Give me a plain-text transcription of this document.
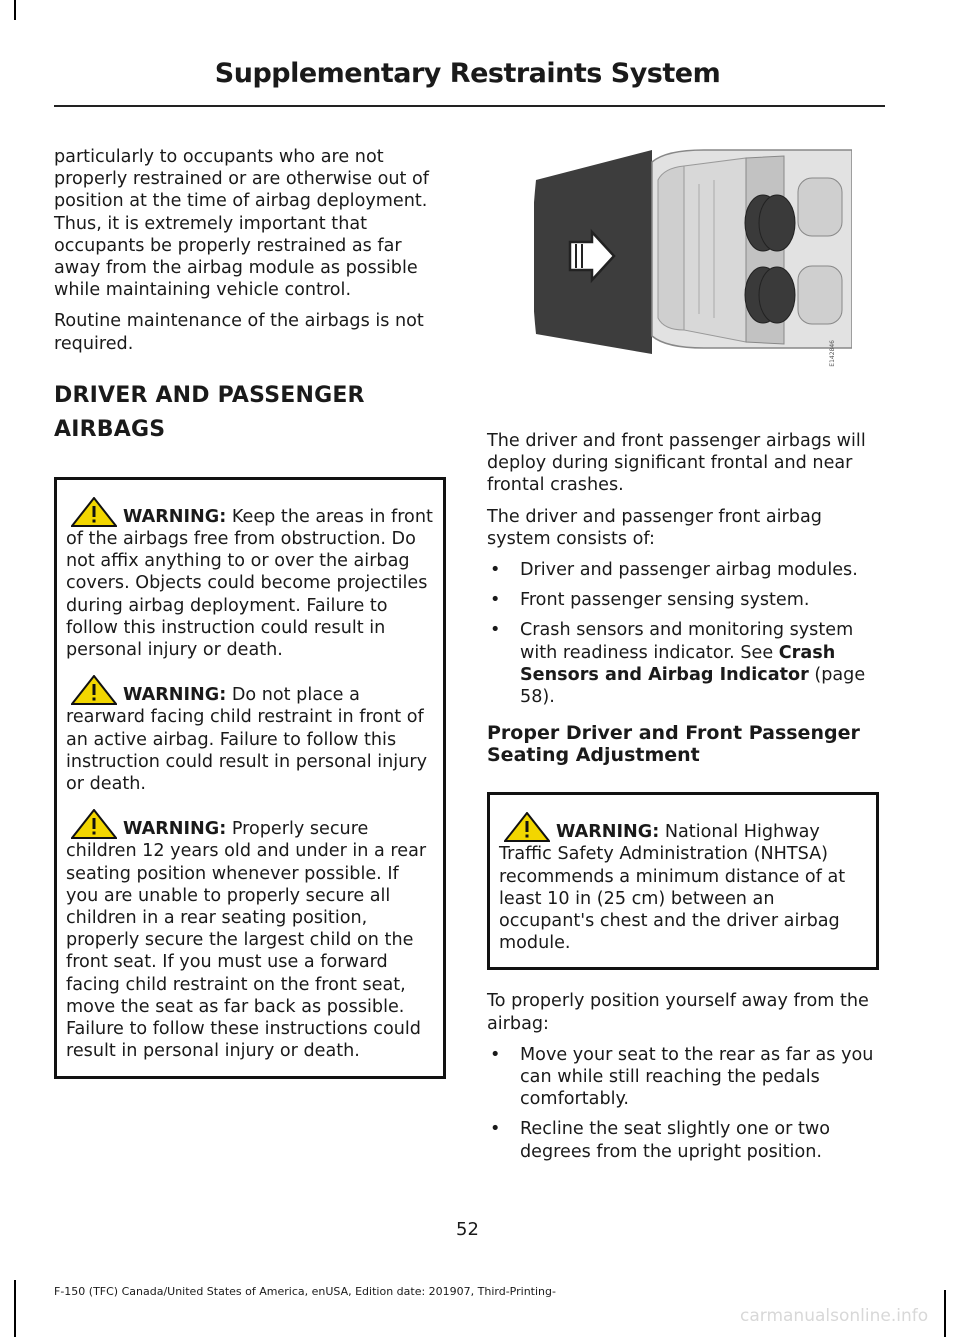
Supplementary Restraints System

particularly to occupants who are not properly restrained or are otherwise out of position at the time of airbag deployment. Thus, it is extremely important that occupants be properly restrained as far away from the airbag module as possible while maintaining vehicle control.

Routine maintenance of the airbags is not required.

DRIVER AND PASSENGER AIRBAGS
WARNING: Keep the areas in front of the airbags free from obstruction. Do not affix anything to or over the airbag covers. Objects could become projectiles during airbag deployment. Failure to follow this instruction could result in personal injury or death.
WARNING: Do not place a rearward facing child restraint in front of an active airbag. Failure to follow this instruction could result in personal injury or death.
WARNING: Properly secure children 12 years old and under in a rear seating position whenever possible. If you are unable to properly secure all children in a rear seating position, properly secure the largest child on the front seat. If you must use a forward facing child restraint on the front seat, move the seat as far back as possible. Failure to follow these instructions could result in personal injury or death.
E142846

The driver and front passenger airbags will deploy during significant frontal and near frontal crashes.

The driver and passenger front airbag system consists of:

• Driver and passenger airbag modules.
• Front passenger sensing system.
• Crash sensors and monitoring system with readiness indicator. See Crash Sensors and Airbag Indicator (page 58).
Proper Driver and Front Passenger Seating Adjustment
WARNING: National Highway Traffic Safety Administration (NHTSA) recommends a minimum distance of at least 10 in (25 cm) between an occupant's chest and the driver airbag module.

To properly position yourself away from the airbag:

• Move your seat to the rear as far as you can while still reaching the pedals comfortably.
• Recline the seat slightly one or two degrees from the upright position.
52
F-150 (TFC) Canada/United States of America, enUSA, Edition date: 201907, Third-Printing-
carmanualsonline.info
